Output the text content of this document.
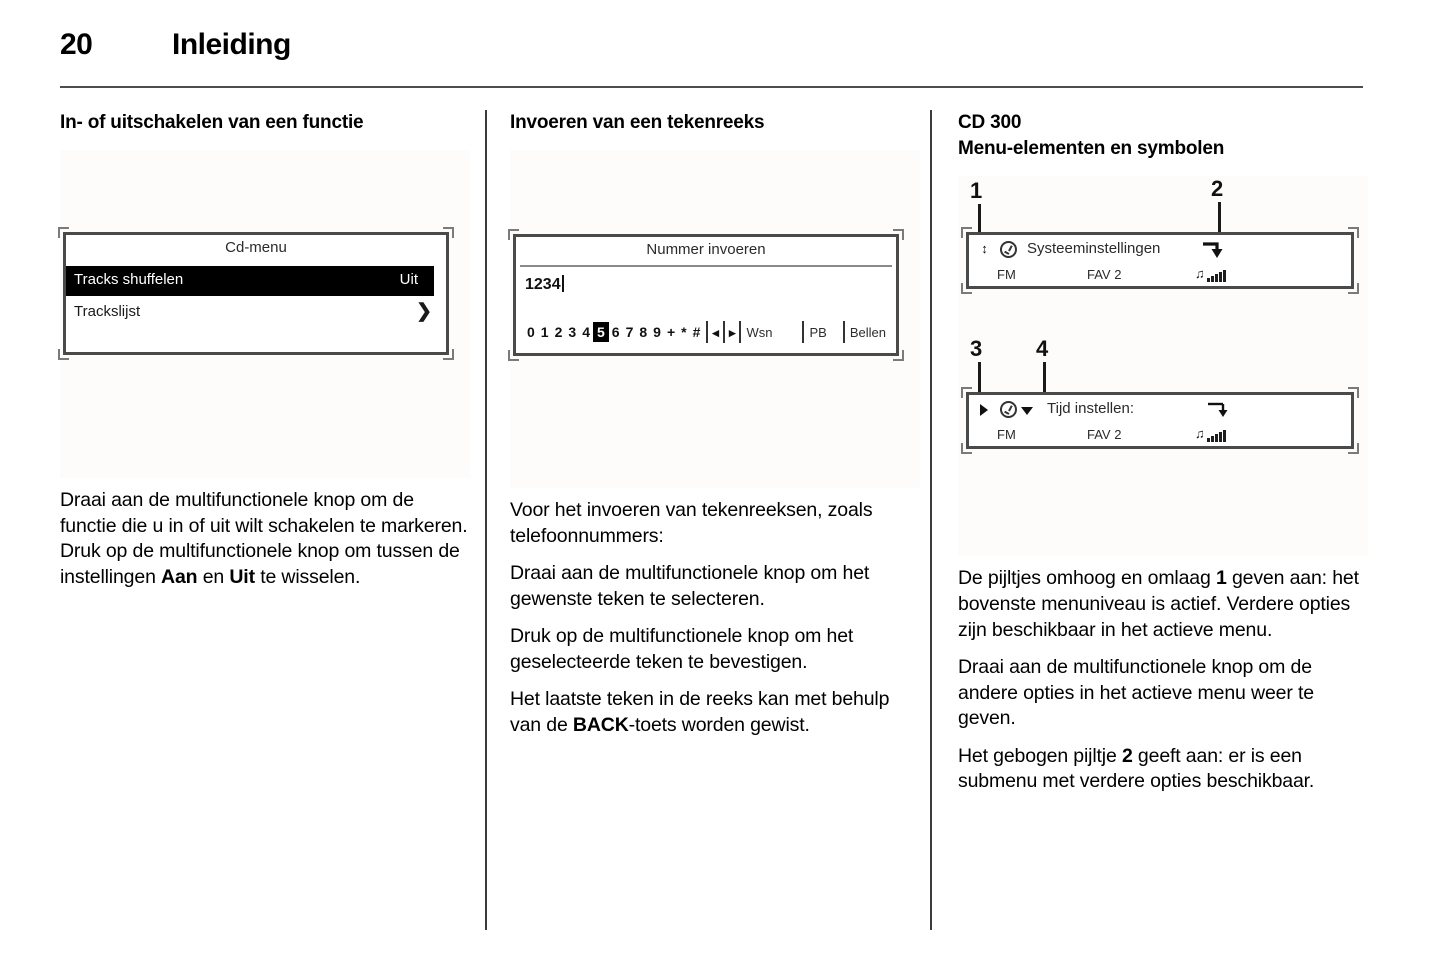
20	Inleiding
In- of uitschakelen van een functie
Cd-menu
Tracks shuffelen	Uit
Trackslijst	❯

Draai aan de multifunctionele knop om de functie die u in of uit wilt schakelen te markeren. Druk op de multifunctionele knop om tussen de instellingen Aan en Uit te wisselen.

Invoeren van een tekenreeks
Nummer invoeren
1234
0 1 2 3 4 5 6 7 8 9 + * # ◂ ▸ Wsn	PB Bellen

Voor het invoeren van tekenreeksen, zoals telefoonnummers:

Draai aan de multifunctionele knop om het gewenste teken te selecteren.

Druk op de multifunctionele knop om het geselecteerde teken te bevestigen.

Het laatste teken in de reeks kan met behulp van de BACK-toets worden gewist.

CD 300
Menu-elementen en symbolen
1	2
↕	Systeeminstellingen
FM	FAV 2	♫
3 4
Tijd instellen:
FM	FAV 2	♫

De pijltjes omhoog en omlaag 1 geven aan: het bovenste menuniveau is actief. Verdere opties zijn beschikbaar in het actieve menu.

Draai aan de multifunctionele knop om de andere opties in het actieve menu weer te geven.

Het gebogen pijltje 2 geeft aan: er is een submenu met verdere opties beschikbaar.
